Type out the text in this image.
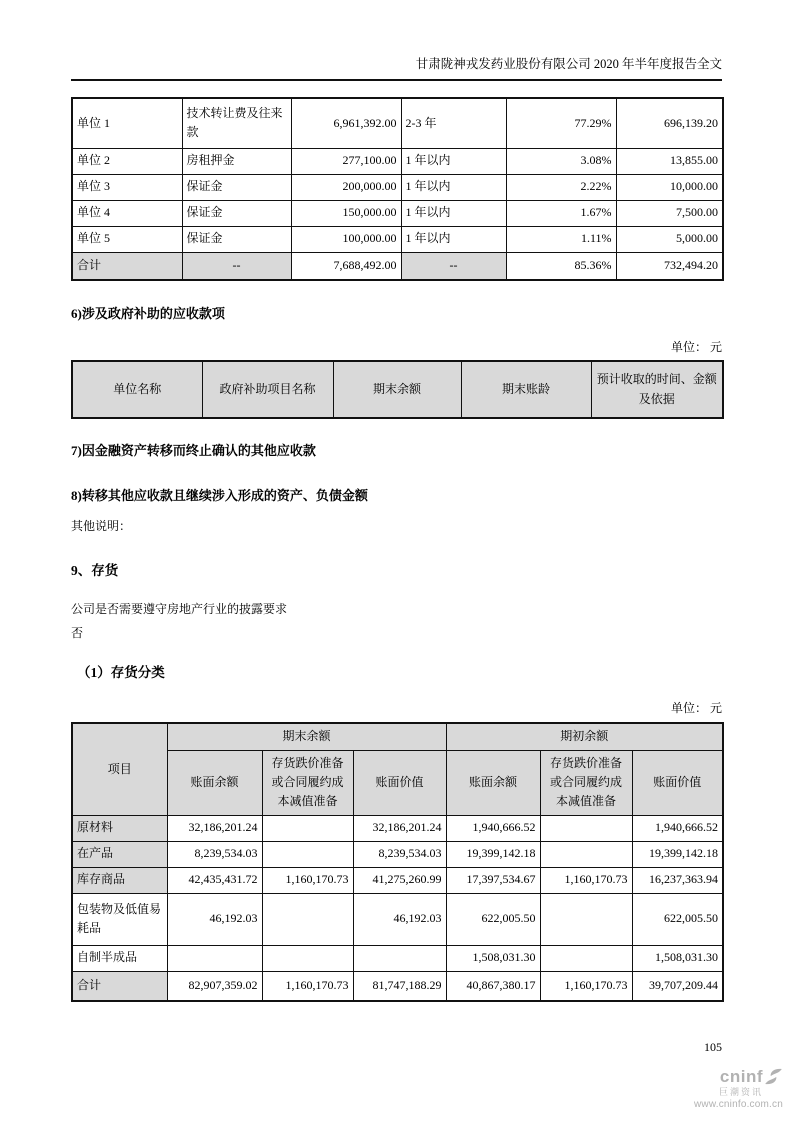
甘肃陇神戎发药业股份有限公司 2020 年半年度报告全文
单位 1	技术转让费及往来款	6,961,392.00	2-3 年	77.29%	696,139.20
单位 2	房租押金	277,100.00	1 年以内	3.08%	13,855.00
单位 3	保证金	200,000.00	1 年以内	2.22%	10,000.00
单位 4	保证金	150,000.00	1 年以内	1.67%	7,500.00
单位 5	保证金	100,000.00	1 年以内	1.11%	5,000.00
合计	--	7,688,492.00	--	85.36%	732,494.20
6)涉及政府补助的应收款项
单位： 元
单位名称	政府补助项目名称	期末余额	期末账龄	预计收取的时间、金额及依据
7)因金融资产转移而终止确认的其他应收款
8)转移其他应收款且继续涉入形成的资产、负债金额
其他说明：
9、存货
公司是否需要遵守房地产行业的披露要求
否
（1）存货分类
单位： 元
项目	期末余额			期初余额		
	账面余额	存货跌价准备或合同履约成本减值准备	账面价值	账面余额	存货跌价准备或合同履约成本减值准备	账面价值
原材料	32,186,201.24		32,186,201.24	1,940,666.52		1,940,666.52
在产品	8,239,534.03		8,239,534.03	19,399,142.18		19,399,142.18
库存商品	42,435,431.72	1,160,170.73	41,275,260.99	17,397,534.67	1,160,170.73	16,237,363.94
包装物及低值易耗品	46,192.03		46,192.03	622,005.50		622,005.50
自制半成品				1,508,031.30		1,508,031.30
合计	82,907,359.02	1,160,170.73	81,747,188.29	40,867,380.17	1,160,170.73	39,707,209.44
105
cninf
巨潮资讯
www.cninfo.com.cn
